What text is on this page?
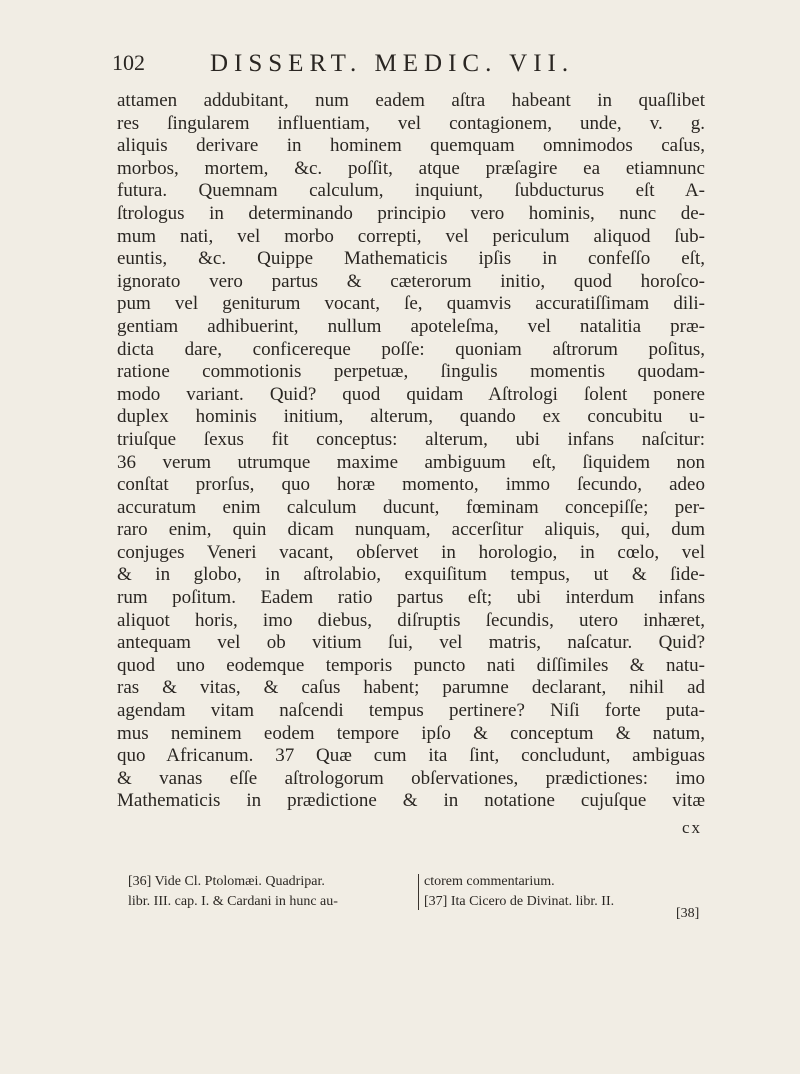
102	DISSERT. MEDIC. VII.
attamen addubitant, num eadem aſtra habeant in quaſlibet
res ſingularem influentiam, vel contagionem, unde, v. g.
aliquis derivare in hominem quemquam omnimodos caſus,
morbos, mortem, &c. poſſit, atque præſagire ea etiamnunc
futura. Quemnam calculum, inquiunt, ſubducturus eſt A-
ſtrologus in determinando principio vero hominis, nunc de-
mum nati, vel morbo correpti, vel periculum aliquod ſub-
euntis, &c. Quippe Mathematicis ipſis in confeſſo eſt,
ignorato vero partus & cæterorum initio, quod horoſco-
pum vel geniturum vocant, ſe, quamvis accuratiſſimam dili-
gentiam adhibuerint, nullum apoteleſma, vel natalitia præ-
dicta dare, conficereque poſſe: quoniam aſtrorum poſitus,
ratione commotionis perpetuæ, ſingulis momentis quodam-
modo variant. Quid? quod quidam Aſtrologi ſolent ponere
duplex hominis initium, alterum, quando ex concubitu u-
triuſque ſexus fit conceptus: alterum, ubi infans naſcitur:
36 verum utrumque maxime ambiguum eſt, ſiquidem non
conſtat prorſus, quo horæ momento, immo ſecundo, adeo
accuratum enim calculum ducunt, fœminam concepiſſe; per-
raro enim, quin dicam nunquam, accerſitur aliquis, qui, dum
conjuges Veneri vacant, obſervet in horologio, in cœlo, vel
& in globo, in aſtrolabio, exquiſitum tempus, ut & ſide-
rum poſitum. Eadem ratio partus eſt; ubi interdum infans
aliquot horis, imo diebus, diſruptis ſecundis, utero inhæret,
antequam vel ob vitium ſui, vel matris, naſcatur. Quid?
quod uno eodemque temporis puncto nati diſſimiles & natu-
ras & vitas, & caſus habent; parumne declarant, nihil ad
agendam vitam naſcendi tempus pertinere? Niſi forte puta-
mus neminem eodem tempore ipſo & conceptum & natum,
quo Africanum. 37 Quæ cum ita ſint, concludunt, ambiguas
& vanas eſſe aſtrologorum obſervationes, prædictiones: imo
Mathematicis in prædictione & in notatione cujuſque vitæ
cx
[36] Vide Cl. Ptolomæi. Quadripar.
libr. III. cap. I. & Cardani in hunc au-
ctorem commentarium.
[37] Ita Cicero de Divinat. libr. II.
[38]
